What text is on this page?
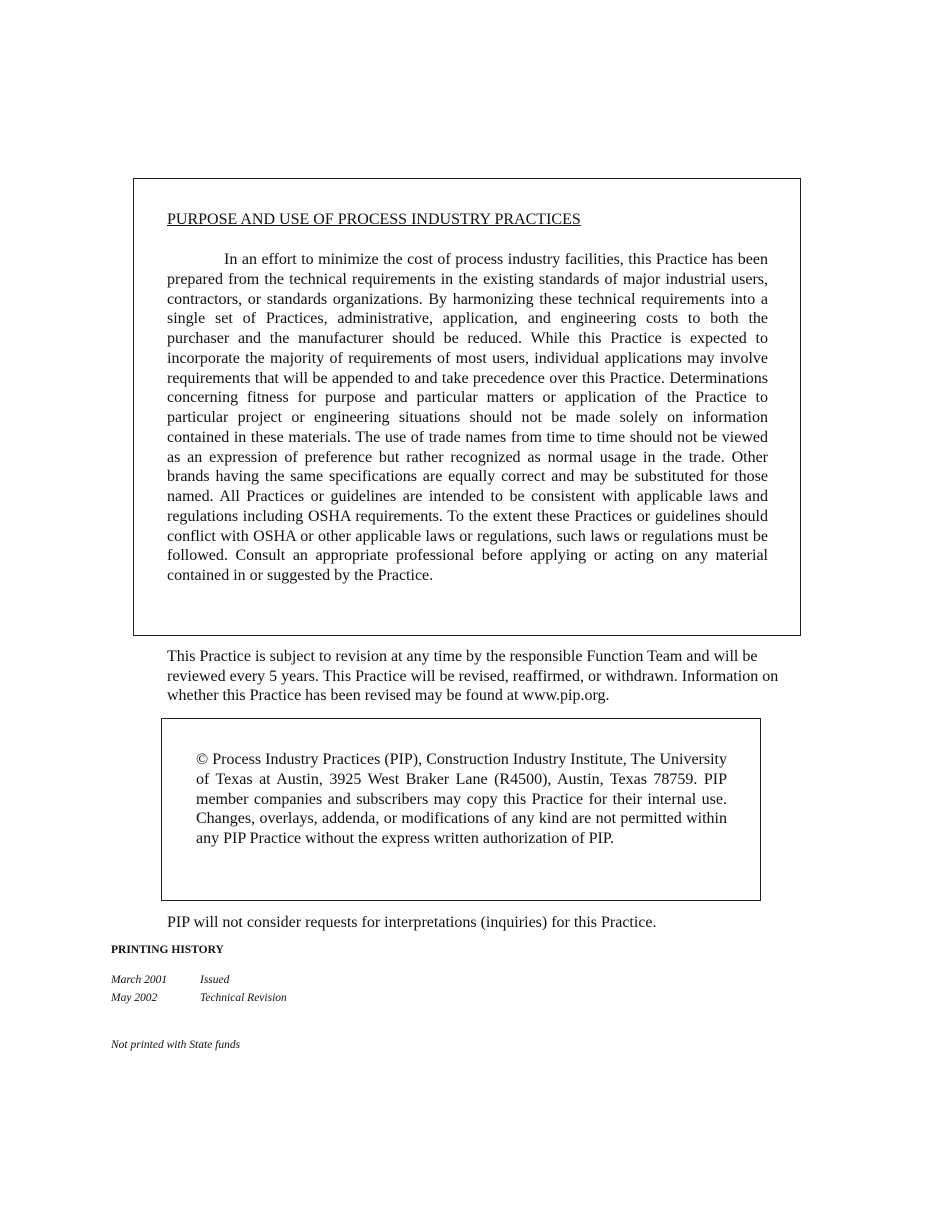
PURPOSE AND USE OF PROCESS INDUSTRY PRACTICES

In an effort to minimize the cost of process industry facilities, this Practice has been prepared from the technical requirements in the existing standards of major industrial users, contractors, or standards organizations. By harmonizing these technical requirements into a single set of Practices, administrative, application, and engineering costs to both the purchaser and the manufacturer should be reduced. While this Practice is expected to incorporate the majority of requirements of most users, individual applications may involve requirements that will be appended to and take precedence over this Practice. Determinations concerning fitness for purpose and particular matters or application of the Practice to particular project or engineering situations should not be made solely on information contained in these materials. The use of trade names from time to time should not be viewed as an expression of preference but rather recognized as normal usage in the trade. Other brands having the same specifications are equally correct and may be substituted for those named. All Practices or guidelines are intended to be consistent with applicable laws and regulations including OSHA requirements. To the extent these Practices or guidelines should conflict with OSHA or other applicable laws or regulations, such laws or regulations must be followed. Consult an appropriate professional before applying or acting on any material contained in or suggested by the Practice.

This Practice is subject to revision at any time by the responsible Function Team and will be reviewed every 5 years. This Practice will be revised, reaffirmed, or withdrawn. Information on whether this Practice has been revised may be found at www.pip.org.

© Process Industry Practices (PIP), Construction Industry Institute, The University of Texas at Austin, 3925 West Braker Lane (R4500), Austin, Texas 78759. PIP member companies and subscribers may copy this Practice for their internal use. Changes, overlays, addenda, or modifications of any kind are not permitted within any PIP Practice without the express written authorization of PIP.

PIP will not consider requests for interpretations (inquiries) for this Practice.

PRINTING HISTORY
March 2001	Issued
May 2002	Technical Revision
Not printed with State funds
